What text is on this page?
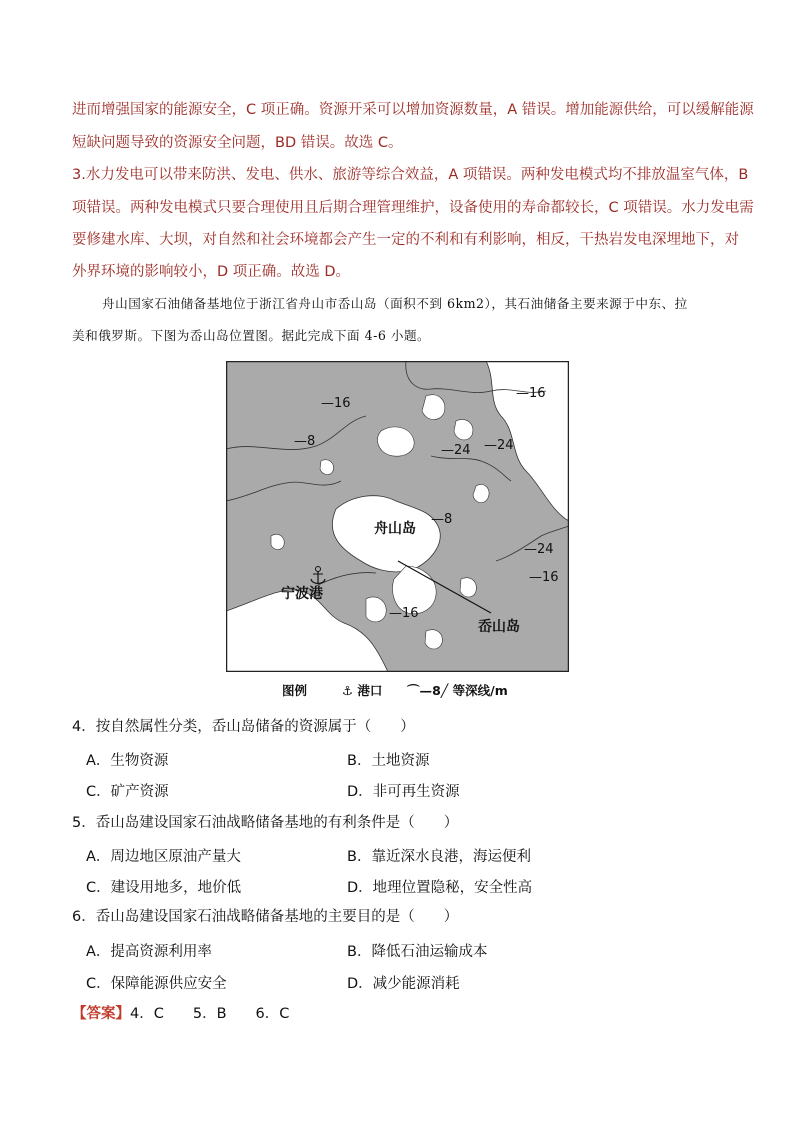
进而增强国家的能源安全，C 项正确。资源开采可以增加资源数量，A 错误。增加能源供给，可以缓解能源
短缺问题导致的资源安全问题，BD 错误。故选 C。
3.水力发电可以带来防洪、发电、供水、旅游等综合效益，A 项错误。两种发电模式均不排放温室气体，B
项错误。两种发电模式只要合理使用且后期合理管理维护，设备使用的寿命都较长，C 项错误。水力发电需
要修建水库、大坝，对自然和社会环境都会产生一定的不利和有利影响，相反，干热岩发电深埋地下，对
外界环境的影响较小，D 项正确。故选 D。
舟山国家石油储备基地位于浙江省舟山市岙山岛（面积不到 6km2），其石油储备主要来源于中东、拉
美和俄罗斯。下图为岙山岛位置图。据此完成下面 4-6 小题。
—16
—16
—24 —24
—8
—8
—24
—16
—16
舟山岛
宁波港
岙山岛
图例	⚓ 港口 ⌒—8╱ 等深线/m
4．按自然属性分类，岙山岛储备的资源属于（　　）
A．生物资源	B．土地资源
C．矿产资源	D．非可再生资源
5．岙山岛建设国家石油战略储备基地的有利条件是（　　）
A．周边地区原油产量大	B．靠近深水良港，海运便利
C．建设用地多，地价低	D．地理位置隐秘，安全性高
6．岙山岛建设国家石油战略储备基地的主要目的是（　　）
A．提高资源利用率	B．降低石油运输成本
C．保障能源供应安全	D．减少能源消耗
【答案】4．C　　5．B　　6．C
